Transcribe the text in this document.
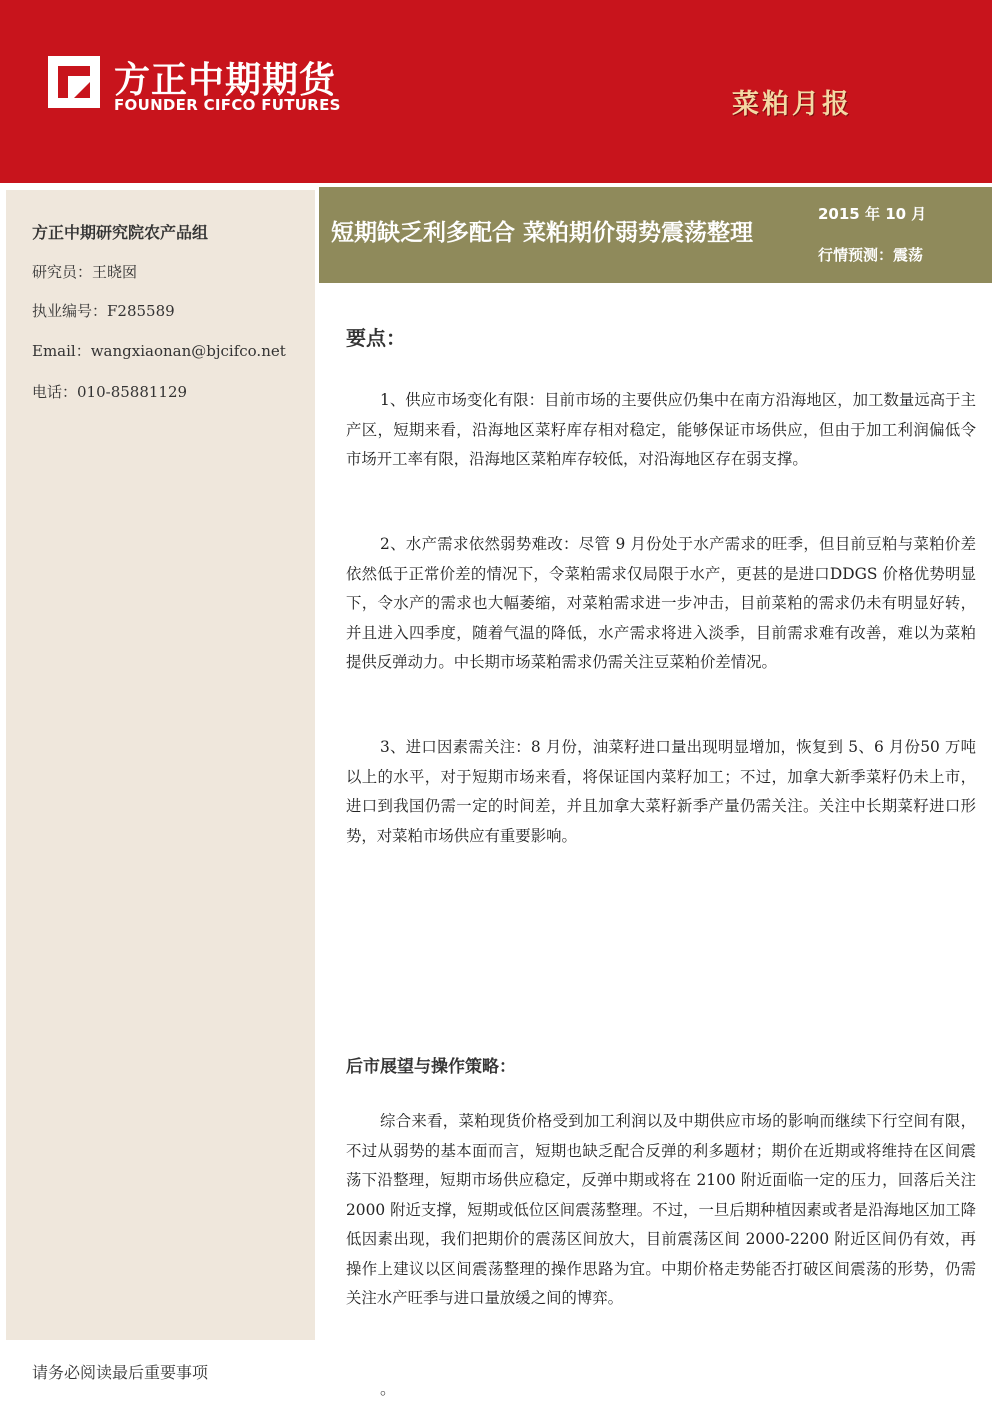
方正中期期货
FOUNDER CIFCO FUTURES	菜粕月报
方正中期研究院农产品组
研究员：王晓囡
执业编号：F285589
Email：wangxiaonan@bjcifco.net
电话：010-85881129
短期缺乏利多配合 菜粕期价弱势震荡整理
2015 年 10 月
行情预测：震荡
要点：
1、供应市场变化有限：目前市场的主要供应仍集中在南方沿海地区，加工数量远高于主产区，短期来看，沿海地区菜籽库存相对稳定，能够保证市场供应，但由于加工利润偏低令市场开工率有限，沿海地区菜粕库存较低，对沿海地区存在弱支撑。
2、水产需求依然弱势难改：尽管 9 月份处于水产需求的旺季，但目前豆粕与菜粕价差依然低于正常价差的情况下，令菜粕需求仅局限于水产，更甚的是进口DDGS 价格优势明显下，令水产的需求也大幅萎缩，对菜粕需求进一步冲击，目前菜粕的需求仍未有明显好转，并且进入四季度，随着气温的降低，水产需求将进入淡季，目前需求难有改善，难以为菜粕提供反弹动力。中长期市场菜粕需求仍需关注豆菜粕价差情况。
3、进口因素需关注：8 月份，油菜籽进口量出现明显增加，恢复到 5、6 月份50 万吨以上的水平，对于短期市场来看，将保证国内菜籽加工；不过，加拿大新季菜籽仍未上市，进口到我国仍需一定的时间差，并且加拿大菜籽新季产量仍需关注。关注中长期菜籽进口形势，对菜粕市场供应有重要影响。
后市展望与操作策略：
综合来看，菜粕现货价格受到加工利润以及中期供应市场的影响而继续下行空间有限，不过从弱势的基本面而言，短期也缺乏配合反弹的利多题材；期价在近期或将维持在区间震荡下沿整理，短期市场供应稳定，反弹中期或将在 2100 附近面临一定的压力，回落后关注 2000 附近支撑，短期或低位区间震荡整理。不过，一旦后期种植因素或者是沿海地区加工降低因素出现，我们把期价的震荡区间放大，目前震荡区间 2000-2200 附近区间仍有效，再操作上建议以区间震荡整理的操作思路为宜。中期价格走势能否打破区间震荡的形势，仍需关注水产旺季与进口量放缓之间的博弈。
请务必阅读最后重要事项
。
